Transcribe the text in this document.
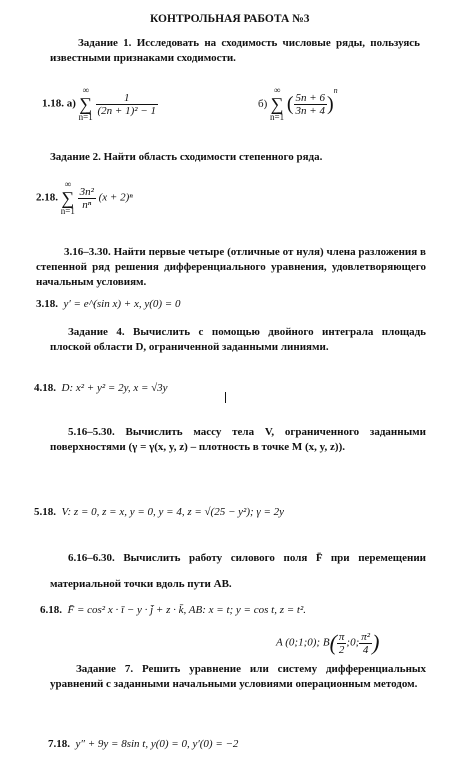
КОНТРОЛЬНАЯ РАБОТА №3
Задание 1. Исследовать на сходимость числовые ряды, пользуясь известными признаками сходимости.
1.18. а) ∞
∑
n=1
$\frac{1}{\text{(2n + 1)² − 1}}$	б) ∞
∑
n=1 ( $\frac{5n + 6}{3n + 4} )^n$
Задание 2. Найти область сходимости степенного ряда.
2.18. ∞
∑
n=1
$\frac{\text{3n²}}{\text{nⁿ}} (x + 2)^n$
3.16–3.30. Найти первые четыре (отличные от нуля) члена разложения в степенной ряд решения дифференциального уравнения, удовлетворяющего начальным условиям.
3.18. y′ = e^(sin x) + x, y(0) = 0
Задание 4. Вычислить с помощью двойного интеграла площадь плоской области D, ограниченной заданными линиями.
4.18. D: x² + y² = 2y, x = √3y
5.16–5.30. Вычислить массу тела V, ограниченного заданными поверхностями (γ = γ(x, y, z) – плотность в точке M (x, y, z)).
5.18. V: z = 0, z = x, y = 0, y = 4, z = √(25 − y²); γ = 2y
6.16–6.30. Вычислить работу силового поля F̄ при перемещении материальной точки вдоль пути AB.
6.18. F̄ = cos² x · ī − y · j̄ + z · k̄, AB: x = t; y = cos t, z = t².
A (0;1;0); $B( \frac{\pi}{2}$ ;0; $\frac{\text{π²}}{4}$ )
Задание 7. Решить уравнение или систему дифференциальных уравнений с заданными начальными условиями операционным методом.
7.18. y″ + 9y = 8sin t, y(0) = 0, y′(0) = −2
